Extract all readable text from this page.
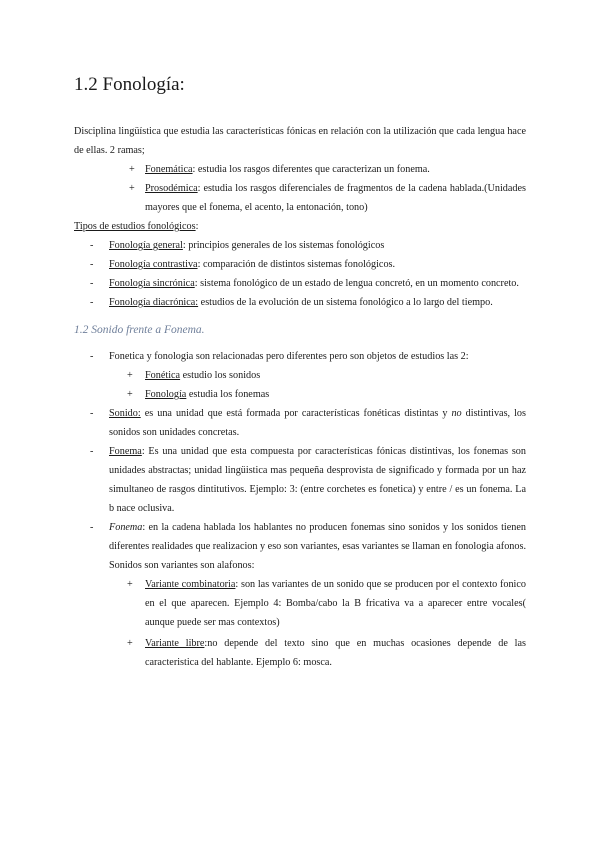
1.2 Fonología:

Disciplina lingüística que estudia las características fónicas en relación con la utilización que cada lengua hace de ellas. 2 ramas;

+ Fonemática: estudia los rasgos diferentes que caracterizan un fonema.
+ Prosodémica: estudia los rasgos diferenciales de fragmentos de la cadena hablada.(Unidades mayores que el fonema, el acento, la entonación, tono)

Tipos de estudios fonológicos:

- Fonología general: principios generales de los sistemas fonológicos
- Fonología contrastiva: comparación de distintos sistemas fonológicos.
- Fonología sincrónica: sistema fonológico de un estado de lengua concretó, en un momento concreto.
- Fonología diacrónica: estudios de la evolución de un sistema fonológico a lo largo del tiempo.
1.2 Sonido frente a Fonema.
- Fonetica y fonologia son relacionadas pero diferentes pero son objetos de estudios las 2:
+ Fonética estudio los sonidos
+ Fonología estudia los fonemas
- Sonido: es una unidad que está formada por características fonéticas distintas y no distintivas, los sonidos son unidades concretas.
- Fonema: Es una unidad que esta compuesta por características fónicas distintivas, los fonemas son unidades abstractas; unidad lingüistica mas pequeña desprovista de significado y formada por un haz simultaneo de rasgos dintitutivos. Ejemplo: 3: (entre corchetes es fonetica) y entre / es un fonema. La b nace oclusiva.
- Fonema: en la cadena hablada los hablantes no producen fonemas sino sonidos y los sonidos tienen diferentes realidades que realizacion y eso son variantes, esas variantes se llaman en fonologia afonos. Sonidos son variantes son alafonos:
+ Variante combinatoria: son las variantes de un sonido que se producen por el contexto fonico en el que aparecen. Ejemplo 4: Bomba/cabo la B fricativa va a aparecer entre vocales( aunque puede ser mas contextos)
+ Variante libre:no depende del texto sino que en muchas ocasiones depende de las caracteristica del hablante. Ejemplo 6: mosca.
